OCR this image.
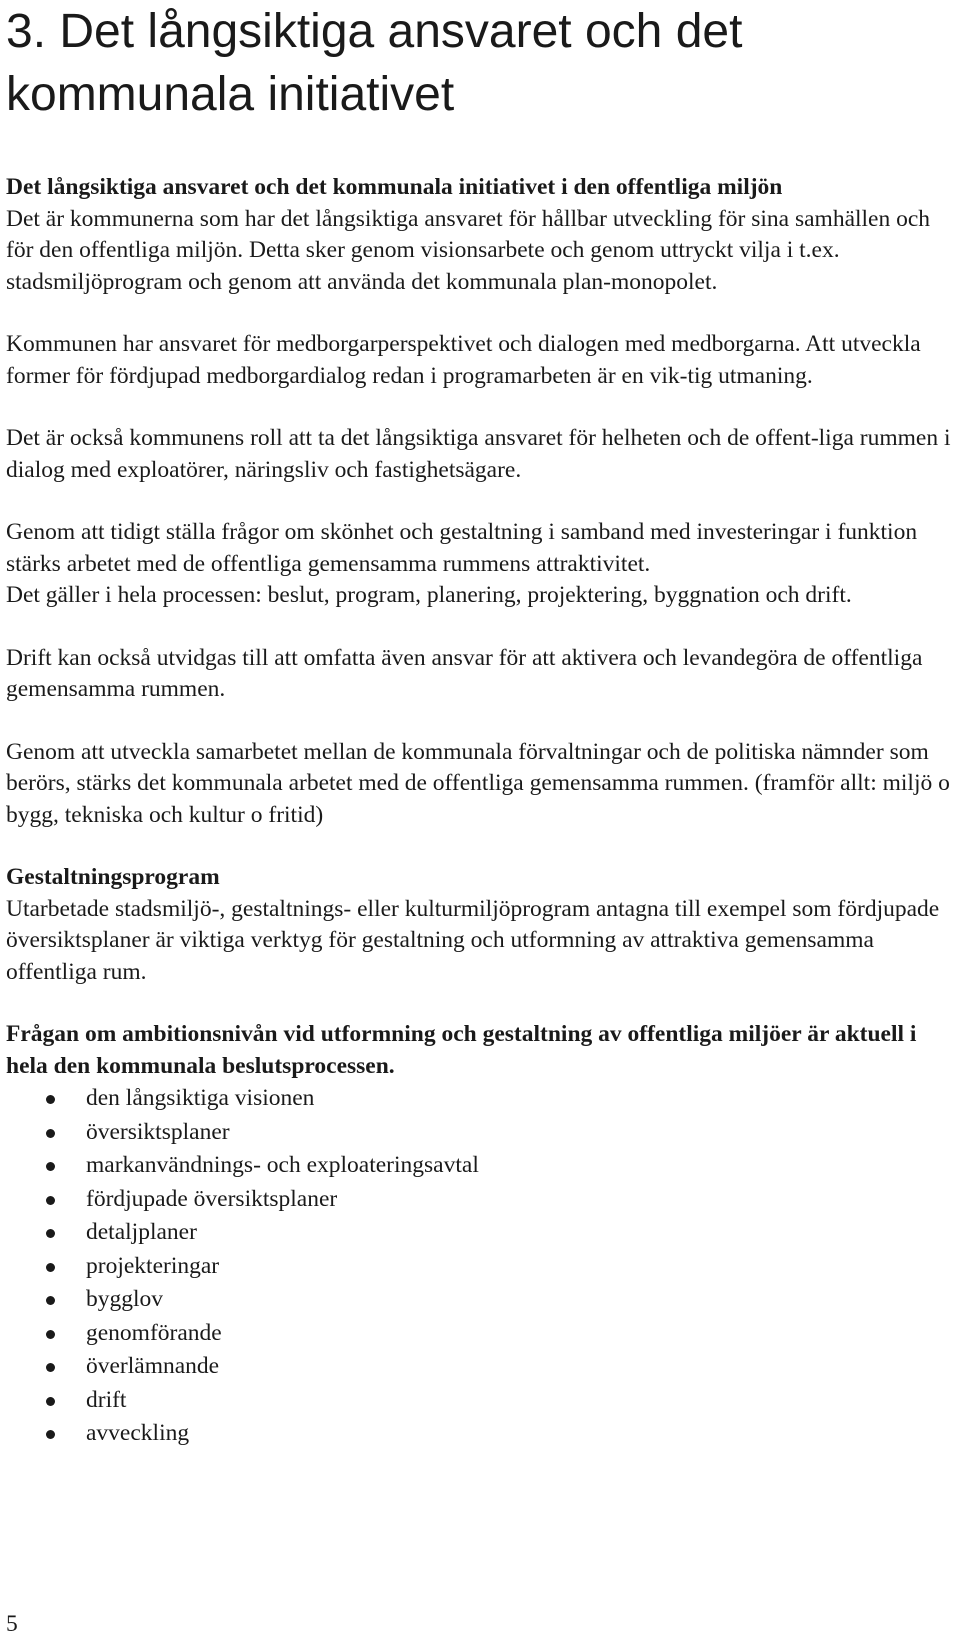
3. Det långsiktiga ansvaret och det kommunala initiativet

Det långsiktiga ansvaret och det kommunala initiativet i den offentliga miljön
Det är kommunerna som har det långsiktiga ansvaret för hållbar utveckling för sina samhällen och för den offentliga miljön. Detta sker genom visionsarbete och genom uttryckt vilja i t.ex. stadsmiljöprogram och genom att använda det kommunala plan-monopolet.

Kommunen har ansvaret för medborgarperspektivet och dialogen med medborgarna. Att utveckla former för fördjupad medborgardialog redan i programarbeten är en vik-tig utmaning.

Det är också kommunens roll att ta det långsiktiga ansvaret för helheten och de offent-liga rummen i dialog med exploatörer, näringsliv och fastighetsägare.

Genom att tidigt ställa frågor om skönhet och gestaltning i samband med investeringar i funktion stärks arbetet med de offentliga gemensamma rummens attraktivitet.

Det gäller i hela processen: beslut, program, planering, projektering, byggnation och drift.

Drift kan också utvidgas till att omfatta även ansvar för att aktivera och levandegöra de offentliga gemensamma rummen.

Genom att utveckla samarbetet mellan de kommunala förvaltningar och de politiska nämnder som berörs, stärks det kommunala arbetet med de offentliga gemensamma rummen. (framför allt: miljö o bygg, tekniska och kultur o fritid)

Gestaltningsprogram
Utarbetade stadsmiljö-, gestaltnings- eller kulturmiljöprogram antagna till exempel som fördjupade översiktsplaner är viktiga verktyg för gestaltning och utformning av attraktiva gemensamma offentliga rum.

Frågan om ambitionsnivån vid utformning och gestaltning av offentliga miljöer är aktuell i hela den kommunala beslutsprocessen.
den långsiktiga visionen
översiktsplaner
markanvändnings- och exploateringsavtal
fördjupade översiktsplaner
detaljplaner
projekteringar
bygglov
genomförande
överlämnande
drift
avveckling
5
